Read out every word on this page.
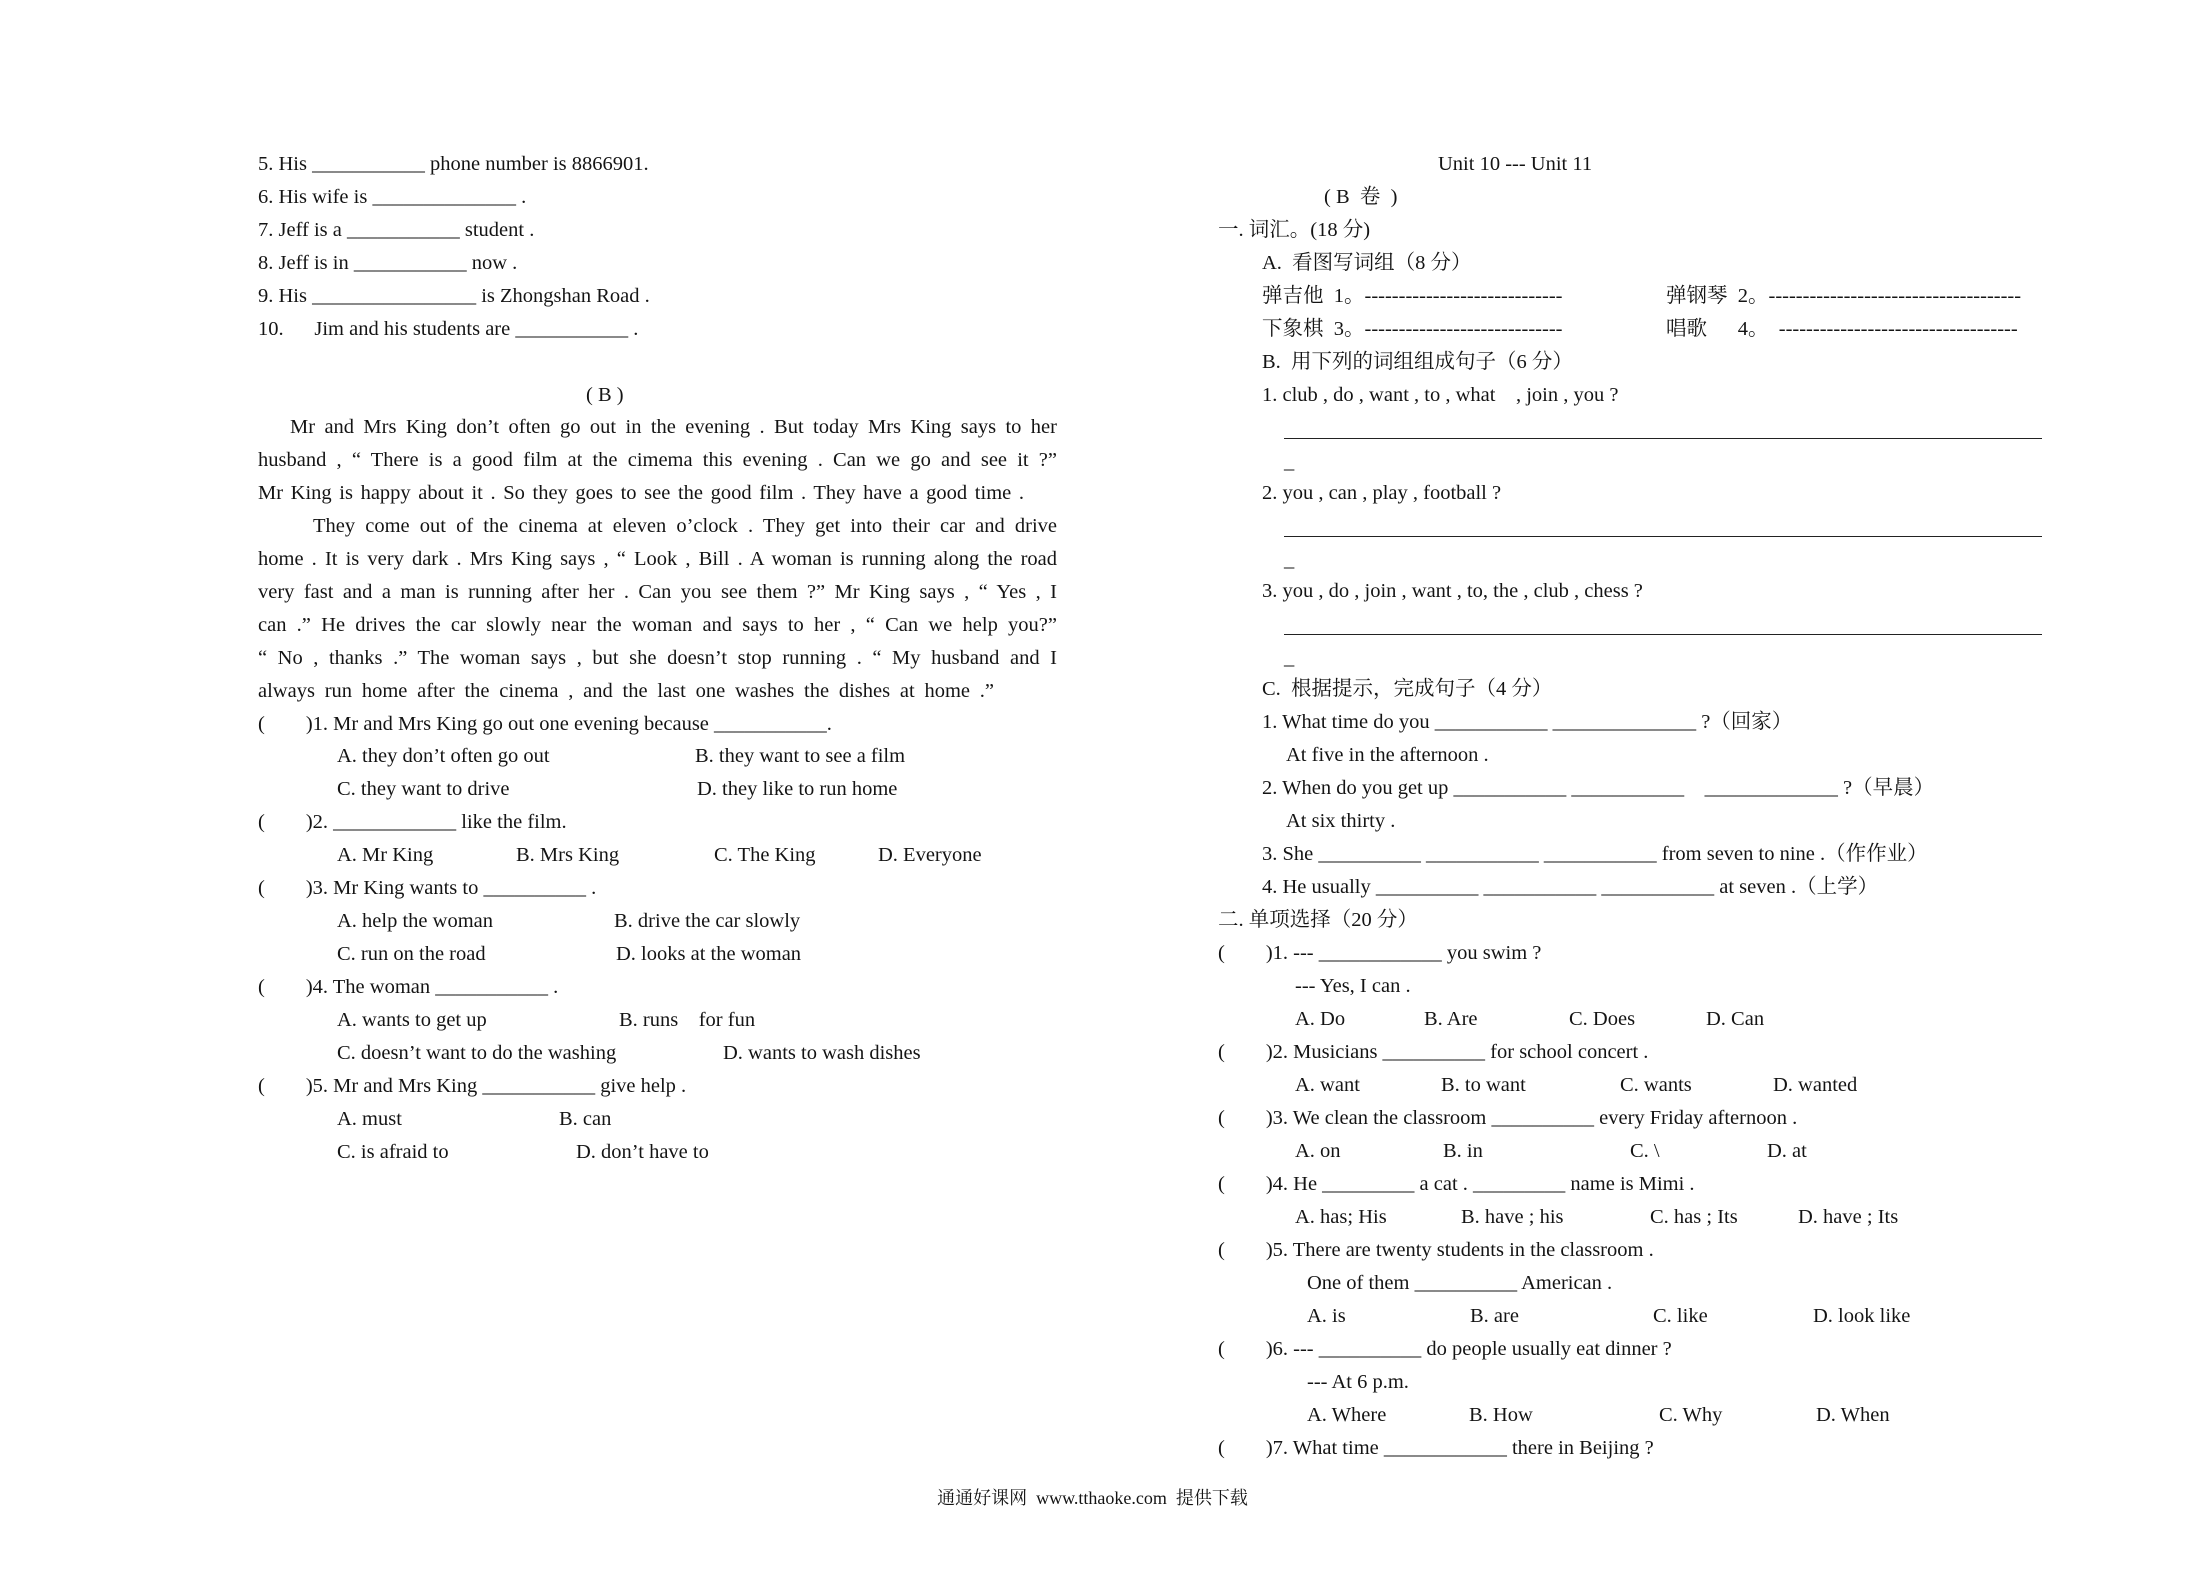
5. His ___________ phone number is 8866901.
6. His wife is ______________ .
7. Jeff is a ___________ student .
8. Jeff is in ___________ now .
9. His ________________ is Zhongshan Road .
10.      Jim and his students are ___________ .
( B )
Mr and Mrs King don’t often go out in the evening . But today Mrs King says to her
husband , “ There is a good film at the cimema this evening . Can we go and see it ?”
Mr King is happy about it . So they goes to see the good film . They have a good time .
They come out of the cinema at eleven o’clock . They get into their car and drive
home . It is very dark . Mrs King says , “ Look , Bill . A woman is running along the road
very fast and a man is running after her . Can you see them ?” Mr King says , “ Yes , I
can .” He drives the car slowly near the woman and says to her , “ Can we help you?”
“ No , thanks .” The woman says , but she doesn’t stop running . “ My husband and I
always run home after the cinema , and the last one washes the dishes at home .”
(        )1. Mr and Mrs King go out one evening because ___________.
A. they don’t often go out	B. they want to see a film
C. they want to drive	D. they like to run home
(        )2. ____________ like the film.
A. Mr King	B. Mrs King	C. The King	D. Everyone
(        )3. Mr King wants to __________ .
A. help the woman	B. drive the car slowly
C. run on the road	D. looks at the woman
(        )4. The woman ___________ .
A. wants to get up	B. runs    for fun
C. doesn’t want to do the washing	D. wants to wash dishes
(        )5. Mr and Mrs King ___________ give help .
A. must	B. can
C. is afraid to	D. don’t have to
Unit 10 --- Unit 11
( B  卷  )
一. 词汇。(18 分)
A.  看图写词组（8 分）
弹吉他  1。-----------------------------	弹钢琴  2。-------------------------------------
下象棋  3。-----------------------------	唱歌      4。  -----------------------------------
B.  用下列的词组组成句子（6 分）
1. club , do , want , to , what    , join , you ?
_
2. you , can , play , football ?
_
3. you , do , join , want , to, the , club , chess ?
_
C.  根据提示，完成句子（4 分）
1. What time do you ___________ ______________ ?（回家）
At five in the afternoon .
2. When do you get up ___________ ___________    _____________ ?（早晨）
At six thirty .
3. She __________ ___________ ___________ from seven to nine .（作作业）
4. He usually __________ ___________ ___________ at seven .（上学）
二. 单项选择（20 分）
(        )1. --- ____________ you swim ?
--- Yes, I can .
A. Do	B. Are	C. Does	D. Can
(        )2. Musicians __________ for school concert .
A. want	B. to want	C. wants	D. wanted
(        )3. We clean the classroom __________ every Friday afternoon .
A. on	B. in	C. \	D. at
(        )4. He _________ a cat . _________ name is Mimi .
A. has; His	B. have ; his	C. has ; Its	D. have ; Its
(        )5. There are twenty students in the classroom .
One of them __________ American .
A. is	B. are	C. like	D. look like
(        )6. --- __________ do people usually eat dinner ?
--- At 6 p.m.
A. Where	B. How	C. Why	D. When
(        )7. What time ____________ there in Beijing ?
通通好课网  www.tthaoke.com  提供下载
